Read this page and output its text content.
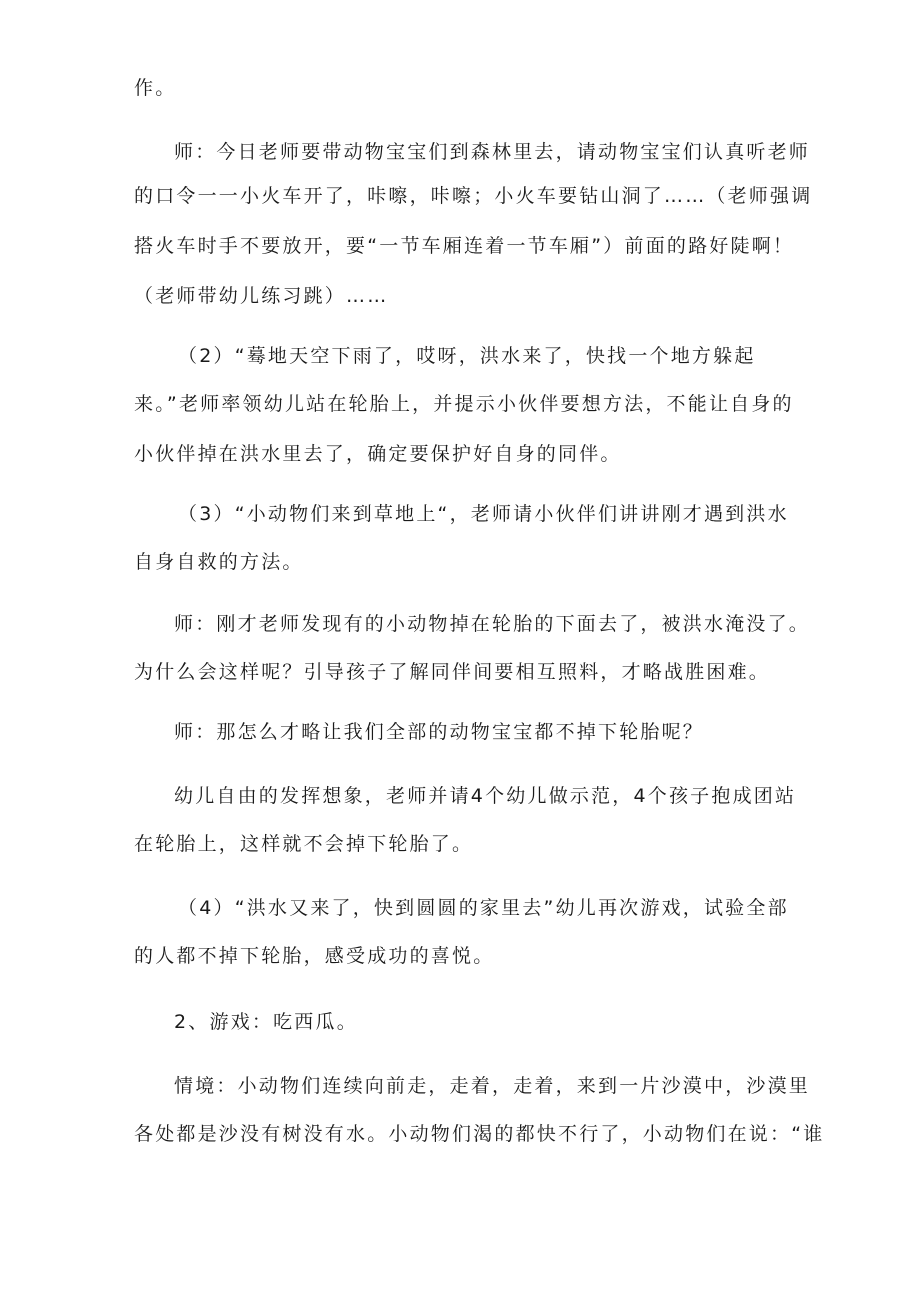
作。
师：今日老师要带动物宝宝们到森林里去，请动物宝宝们认真听老师
的口令一一小火车开了，咔嚓，咔嚓；小火车要钻山洞了……（老师强调
搭火车时手不要放开，要“一节车厢连着一节车厢”）前面的路好陡啊！
（老师带幼儿练习跳）……
（2）“蓦地天空下雨了，哎呀，洪水来了，快找一个地方躲起
来。”老师率领幼儿站在轮胎上，并提示小伙伴要想方法，不能让自身的
小伙伴掉在洪水里去了，确定要保护好自身的同伴。
（3）“小动物们来到草地上“，老师请小伙伴们讲讲刚才遇到洪水
自身自救的方法。
师：刚才老师发现有的小动物掉在轮胎的下面去了，被洪水淹没了。
为什么会这样呢？引导孩子了解同伴间要相互照料，才略战胜困难。
师：那怎么才略让我们全部的动物宝宝都不掉下轮胎呢？
幼儿自由的发挥想象，老师并请4个幼儿做示范，4个孩子抱成团站
在轮胎上，这样就不会掉下轮胎了。
（4）“洪水又来了，快到圆圆的家里去”幼儿再次游戏，试验全部
的人都不掉下轮胎，感受成功的喜悦。
2、游戏：吃西瓜。
情境：小动物们连续向前走，走着，走着，来到一片沙漠中，沙漠里
各处都是沙没有树没有水。小动物们渴的都快不行了，小动物们在说：“谁
